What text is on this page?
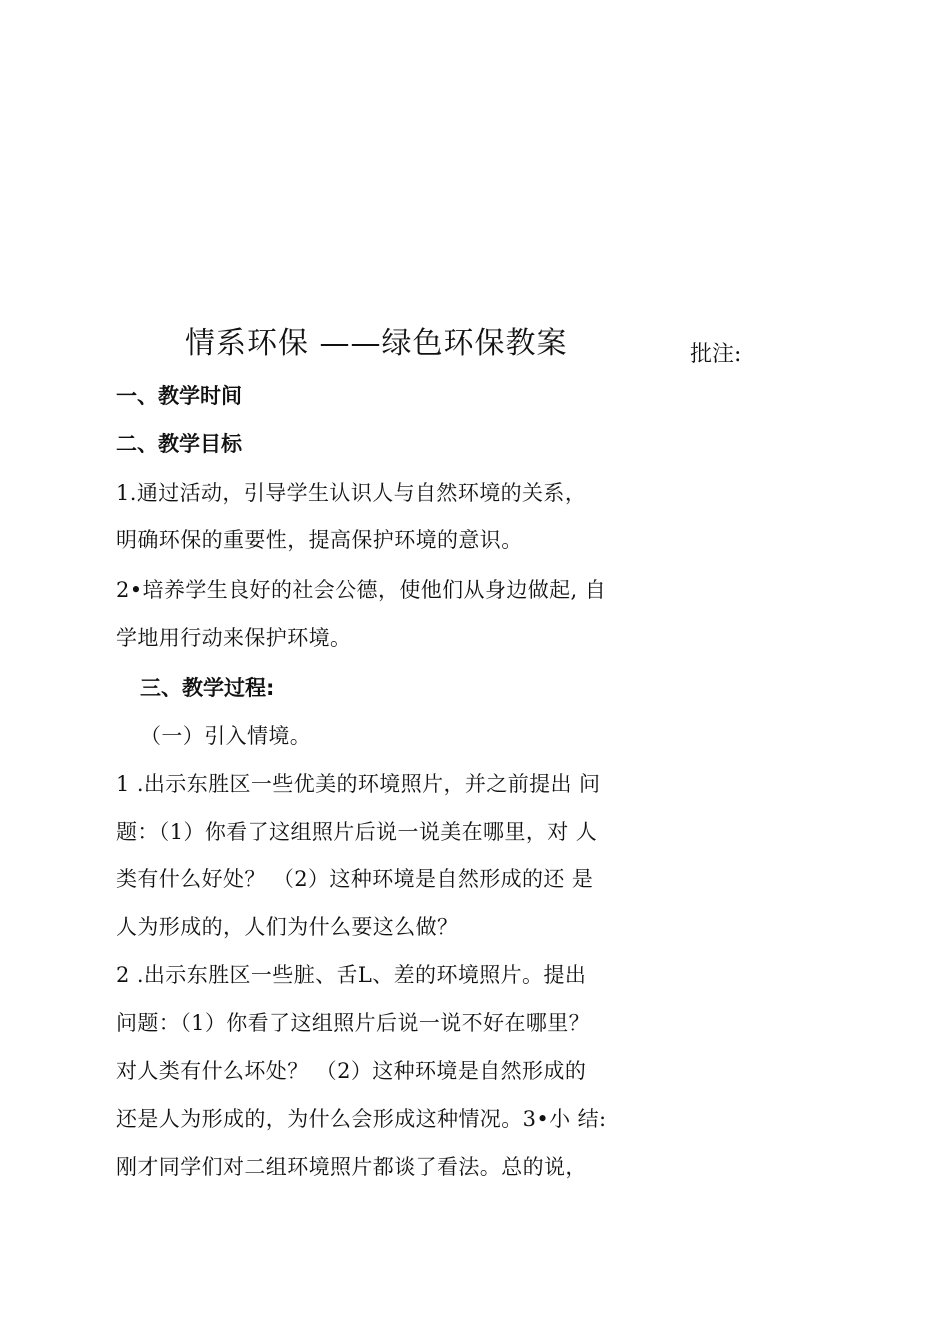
情系环保 ——绿色环保教案	批注:
一、教学时间
二、教学目标
1.通过活动，引导学生认识人与自然环境的关系，
明确环保的重要性，提高保护环境的意识。
2•培养学生良好的社会公德，使他们从身边做起, 自
学地用行动来保护环境。
三、教学过程:
（一）引入情境。
1 .出示东胜区一些优美的环境照片，并之前提出 问
题：（1）你看了这组照片后说一说美在哪里，对 人
类有什么好处？ （2）这种环境是自然形成的还 是
人为形成的，人们为什么要这么做？
2 .出示东胜区一些脏、舌L、差的环境照片。提出
问题：（1）你看了这组照片后说一说不好在哪里？
对人类有什么坏处？ （2）这种环境是自然形成的
还是人为形成的，为什么会形成这种情况。3•小 结:
刚才同学们对二组环境照片都谈了看法。总的说，
